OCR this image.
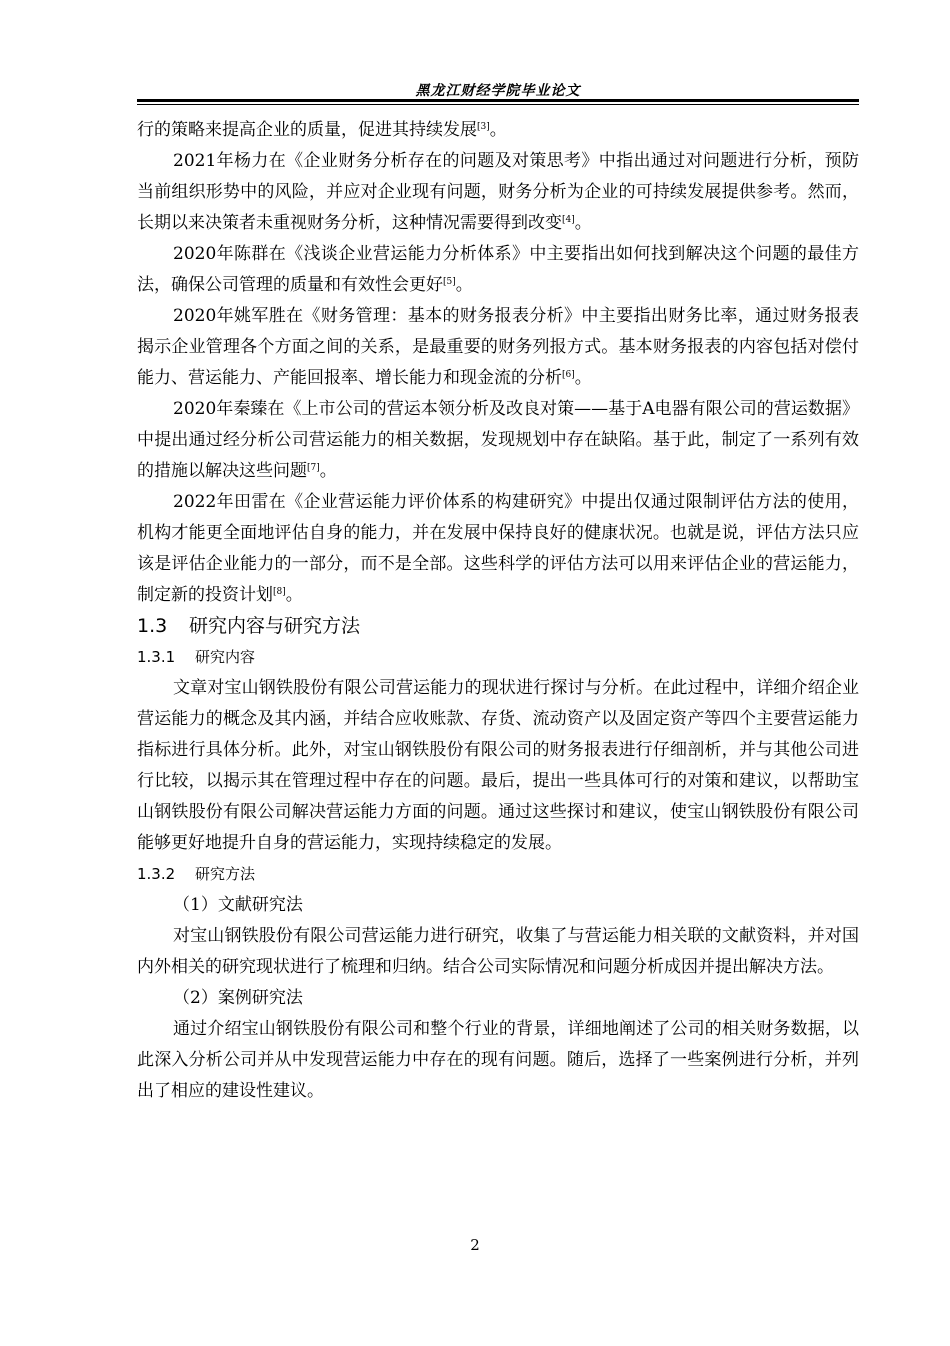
黑龙江财经学院毕业论文

行的策略来提高企业的质量，促进其持续发展[3]。

2021年杨力在《企业财务分析存在的问题及对策思考》中指出通过对问题进行分析，预防当前组织形势中的风险，并应对企业现有问题，财务分析为企业的可持续发展提供参考。然而，长期以来决策者未重视财务分析，这种情况需要得到改变[4]。

2020年陈群在《浅谈企业营运能力分析体系》中主要指出如何找到解决这个问题的最佳方法，确保公司管理的质量和有效性会更好[5]。

2020年姚军胜在《财务管理：基本的财务报表分析》中主要指出财务比率，通过财务报表揭示企业管理各个方面之间的关系，是最重要的财务列报方式。基本财务报表的内容包括对偿付能力、营运能力、产能回报率、增长能力和现金流的分析[6]。

2020年秦臻在《上市公司的营运本领分析及改良对策——基于A电器有限公司的营运数据》中提出通过经分析公司营运能力的相关数据，发现规划中存在缺陷。基于此，制定了一系列有效的措施以解决这些问题[7]。

2022年田雷在《企业营运能力评价体系的构建研究》中提出仅通过限制评估方法的使用，机构才能更全面地评估自身的能力，并在发展中保持良好的健康状况。也就是说，评估方法只应该是评估企业能力的一部分，而不是全部。这些科学的评估方法可以用来评估企业的营运能力，制定新的投资计划[8]。

1.3 研究内容与研究方法
1.3.1 研究内容

文章对宝山钢铁股份有限公司营运能力的现状进行探讨与分析。在此过程中，详细介绍企业营运能力的概念及其内涵，并结合应收账款、存货、流动资产以及固定资产等四个主要营运能力指标进行具体分析。此外，对宝山钢铁股份有限公司的财务报表进行仔细剖析，并与其他公司进行比较，以揭示其在管理过程中存在的问题。最后，提出一些具体可行的对策和建议，以帮助宝山钢铁股份有限公司解决营运能力方面的问题。通过这些探讨和建议，使宝山钢铁股份有限公司能够更好地提升自身的营运能力，实现持续稳定的发展。

1.3.2 研究方法

（1）文献研究法

对宝山钢铁股份有限公司营运能力进行研究，收集了与营运能力相关联的文献资料，并对国内外相关的研究现状进行了梳理和归纳。结合公司实际情况和问题分析成因并提出解决方法。

（2）案例研究法

通过介绍宝山钢铁股份有限公司和整个行业的背景，详细地阐述了公司的相关财务数据，以此深入分析公司并从中发现营运能力中存在的现有问题。随后，选择了一些案例进行分析，并列出了相应的建设性建议。

2
